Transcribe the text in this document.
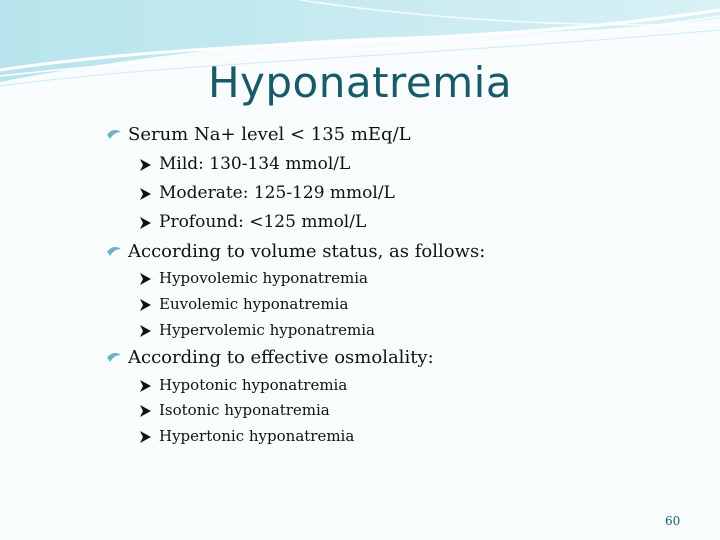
Hyponatremia
Serum Na+ level < 135 mEq/L
Mild: 130-134 mmol/L
Moderate: 125-129 mmol/L
Profound: <125 mmol/L
According to volume status, as follows:
Hypovolemic hyponatremia
Euvolemic hyponatremia
Hypervolemic hyponatremia
According to effective osmolality:
Hypotonic hyponatremia
Isotonic hyponatremia
Hypertonic hyponatremia
60
